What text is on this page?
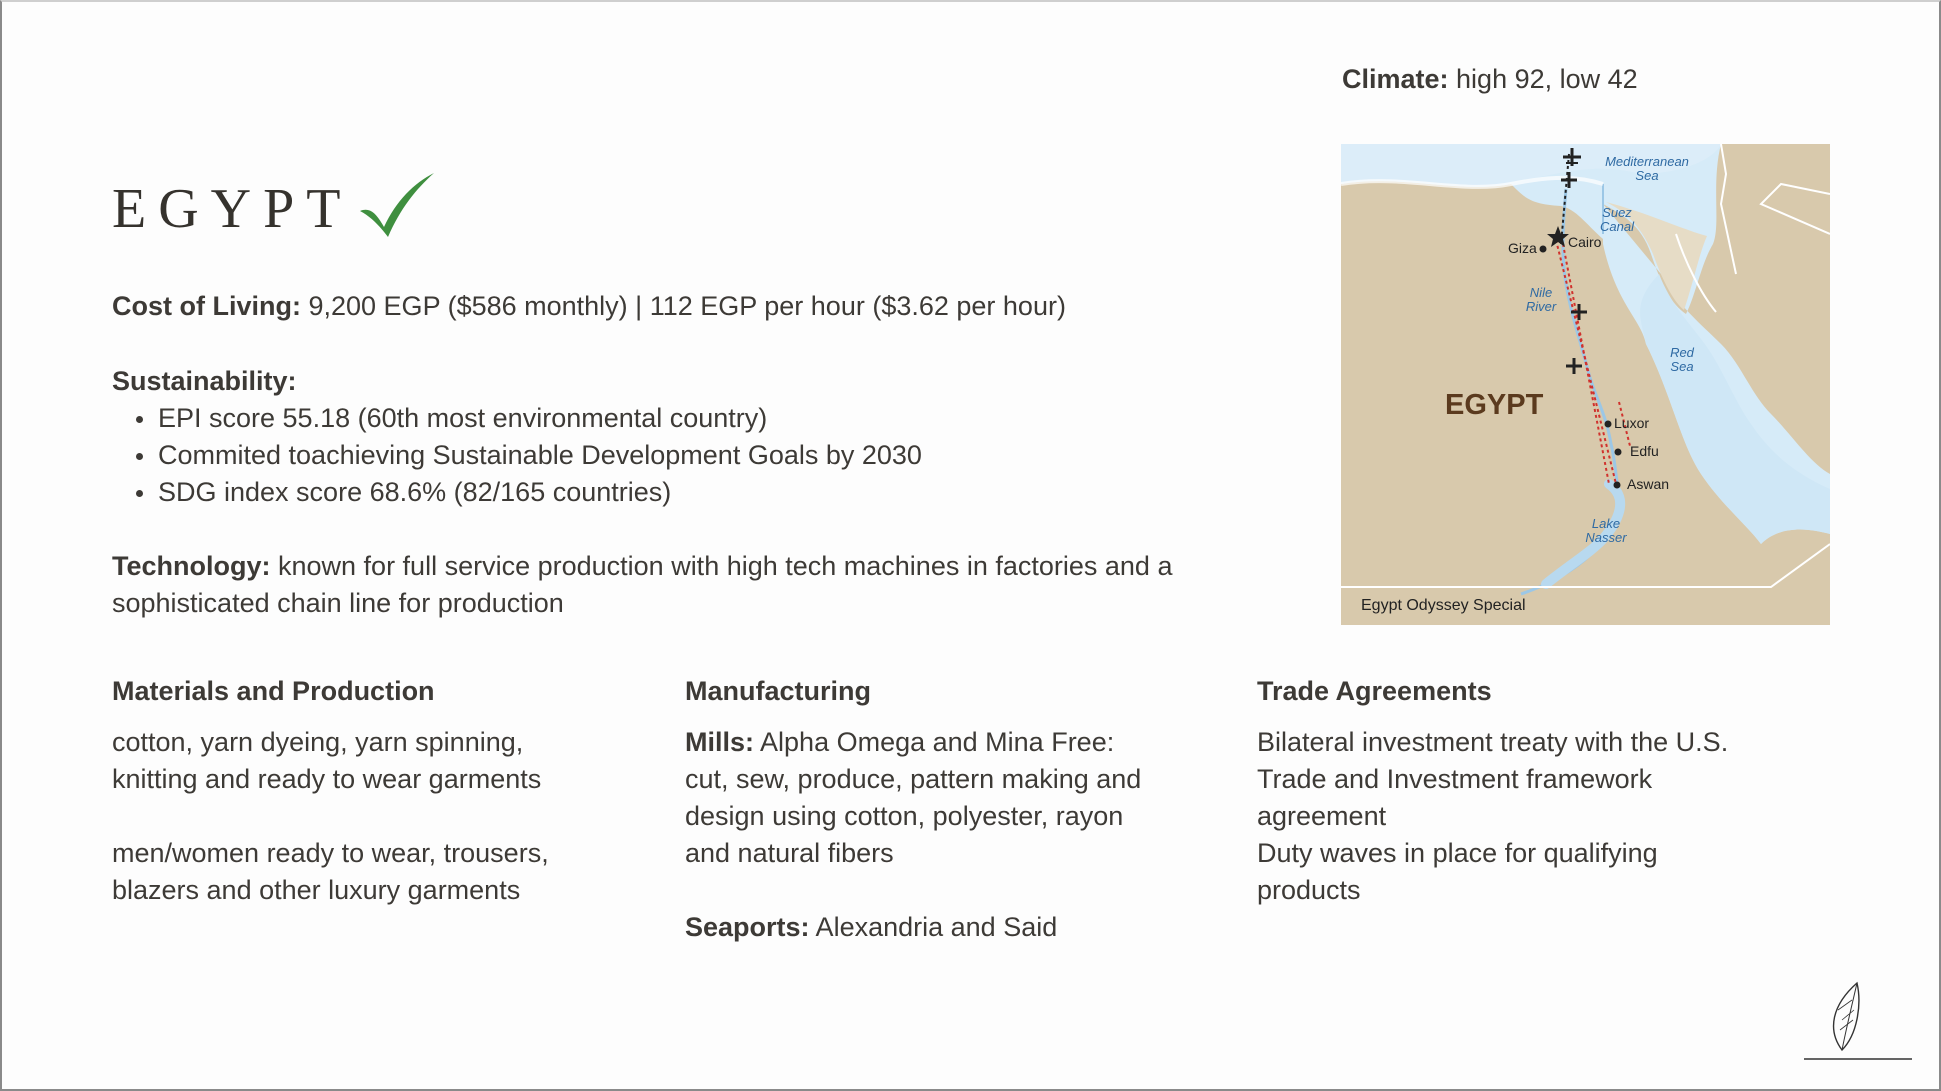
EGYPT
Climate: high 92, low 42
Cost of Living: 9,200 EGP ($586 monthly) | 112 EGP per hour ($3.62 per hour)
Sustainability:
EPI score 55.18 (60th most environmental country)
Commited toachieving Sustainable Development Goals by 2030
SDG index score 68.6% (82/165 countries)
Technology: known for full service production with high tech machines in factories and a sophisticated chain line for production
Materials and Production

cotton, yarn dyeing, yarn spinning, knitting and ready to wear garments

men/women ready to wear, trousers, blazers and other luxury garments

Manufacturing

Mills: Alpha Omega and Mina Free: cut, sew, produce, pattern making and design using cotton, polyester, rayon and natural fibers

Seaports: Alexandria and Said

Trade Agreements

Bilateral investment treaty with the U.S.

Trade and Investment framework agreement

Duty waves in place for qualifying products

Mediterranean
Sea
Suez
Canal
Nile
River
Red
Sea
Lake
Nasser
Giza Cairo
Luxor
Edfu
Aswan
EGYPT
Egypt Odyssey Special
